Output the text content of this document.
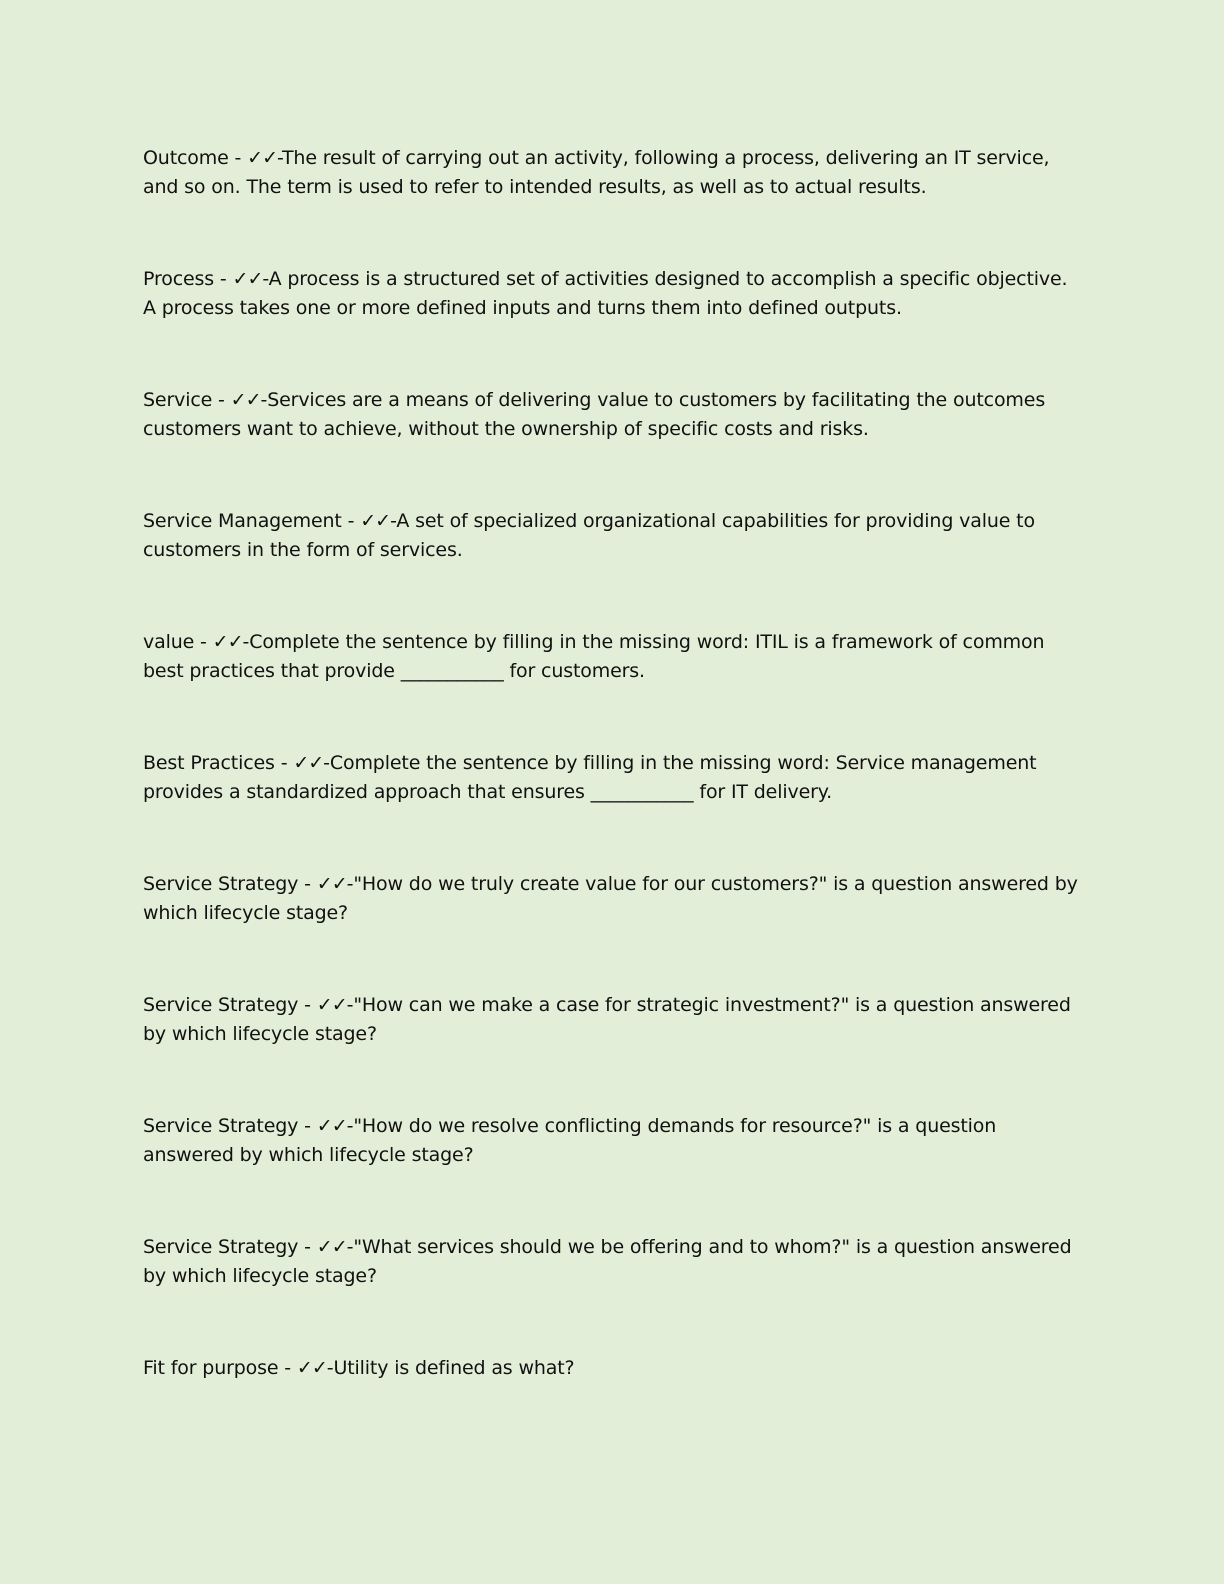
Outcome - ✓✓-The result of carrying out an activity, following a process, delivering an IT service, and so on. The term is used to refer to intended results, as well as to actual results.

Process - ✓✓-A process is a structured set of activities designed to accomplish a specific objective. A process takes one or more defined inputs and turns them into defined outputs.

Service - ✓✓-Services are a means of delivering value to customers by facilitating the outcomes customers want to achieve, without the ownership of specific costs and risks.

Service Management - ✓✓-A set of specialized organizational capabilities for providing value to customers in the form of services.

value - ✓✓-Complete the sentence by filling in the missing word: ITIL is a framework of common best practices that provide ___________ for customers.

Best Practices - ✓✓-Complete the sentence by filling in the missing word: Service management provides a standardized approach that ensures ___________ for IT delivery.

Service Strategy - ✓✓-"How do we truly create value for our customers?" is a question answered by which lifecycle stage?

Service Strategy - ✓✓-"How can we make a case for strategic investment?" is a question answered by which lifecycle stage?

Service Strategy - ✓✓-"How do we resolve conflicting demands for resource?" is a question answered by which lifecycle stage?

Service Strategy - ✓✓-"What services should we be offering and to whom?" is a question answered by which lifecycle stage?

Fit for purpose - ✓✓-Utility is defined as what?
